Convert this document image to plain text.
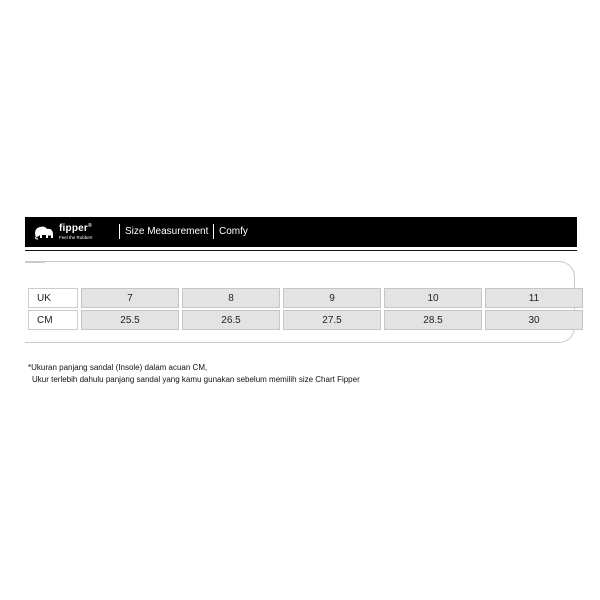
fipper®
Feel the Rubber!
Size Measurement Comfy
UK	7	8	9	10	11
CM	25.5	26.5	27.5	28.5	30
*Ukuran panjang sandal (Insole) dalam acuan CM,
Ukur terlebih dahulu panjang sandal yang kamu gunakan sebelum memilih size Chart Fipper
